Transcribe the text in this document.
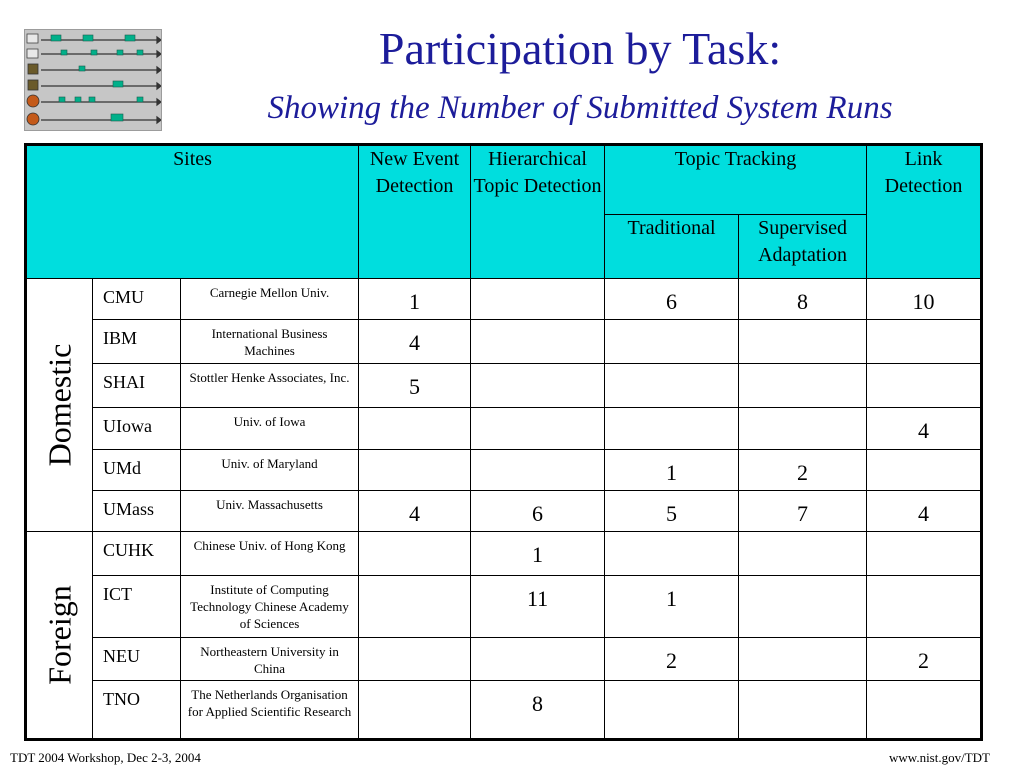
Participation by Task:
Showing the Number of Submitted System Runs
Sites			New Event Detection	Hierarchical Topic Detection	Topic Tracking		Link Detection
					Traditional	Supervised Adaptation	

Domestic	CMU	Carnegie Mellon Univ.	1		6	8	10
	IBM	International Business Machines	4				
	SHAI	Stottler Henke Associates, Inc.	5				
	UIowa	Univ. of Iowa					4
	UMd	Univ. of Maryland			1	2	
	UMass	Univ. Massachusetts	4	6	5	7	4

Foreign	CUHK	Chinese Univ. of Hong Kong		1			
	ICT	Institute of Computing Technology Chinese Academy of Sciences		11	1		
	NEU	Northeastern University in China			2		2
	TNO	The Netherlands Organisation for Applied Scientific Research		8			
TDT 2004 Workshop, Dec 2-3, 2004	www.nist.gov/TDT
